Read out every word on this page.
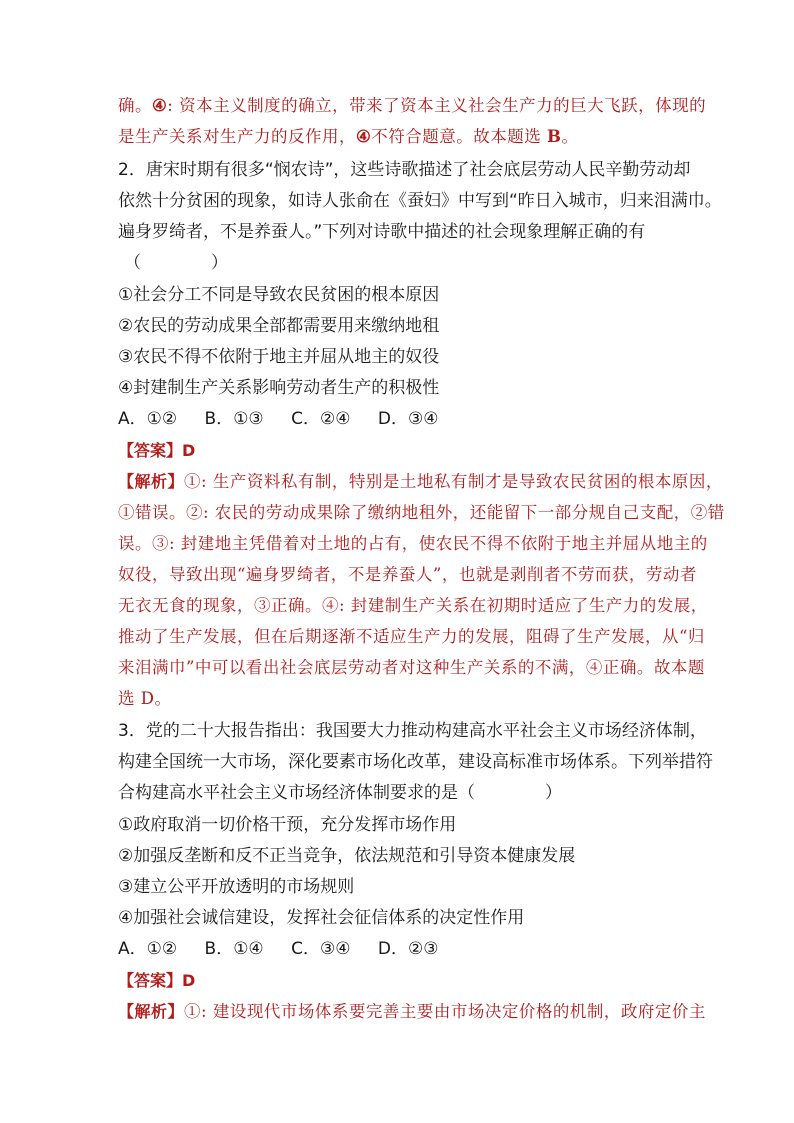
确。④: 资本主义制度的确立，带来了资本主义社会生产力的巨大飞跃，体现的
是生产关系对生产力的反作用，④不符合题意。故本题选 B。
2．唐宋时期有很多“悯农诗”，这些诗歌描述了社会底层劳动人民辛勤劳动却
依然十分贫困的现象，如诗人张俞在《蚕妇》中写到“昨日入城市，归来泪满巾。
遍身罗绮者，不是养蚕人。”下列对诗歌中描述的社会现象理解正确的有
（	）
①社会分工不同是导致农民贫困的根本原因
②农民的劳动成果全部都需要用来缴纳地租
③农民不得不依附于地主并屈从地主的奴役
④封建制生产关系影响劳动者生产的积极性
A．①② B．①③ C．②④ D．③④
【答案】D
【解析】①: 生产资料私有制，特别是土地私有制才是导致农民贫困的根本原因，
①错误。②: 农民的劳动成果除了缴纳地租外，还能留下一部分规自己支配，②错
误。③: 封建地主凭借着对土地的占有，使农民不得不依附于地主并屈从地主的
奴役，导致出现“遍身罗绮者，不是养蚕人”，也就是剥削者不劳而获，劳动者
无衣无食的现象，③正确。④: 封建制生产关系在初期时适应了生产力的发展，
推动了生产发展，但在后期逐渐不适应生产力的发展，阻碍了生产发展，从“归
来泪满巾”中可以看出社会底层劳动者对这种生产关系的不满，④正确。故本题
选 D。
3．党的二十大报告指出：我国要大力推动构建高水平社会主义市场经济体制，
构建全国统一大市场，深化要素市场化改革，建设高标准市场体系。下列举措符
合构建高水平社会主义市场经济体制要求的是（	）
①政府取消一切价格干预，充分发挥市场作用
②加强反垄断和反不正当竞争，依法规范和引导资本健康发展
③建立公平开放透明的市场规则
④加强社会诚信建设，发挥社会征信体系的决定性作用
A．①② B．①④ C．③④ D．②③
【答案】D
【解析】①: 建设现代市场体系要完善主要由市场决定价格的机制，政府定价主
